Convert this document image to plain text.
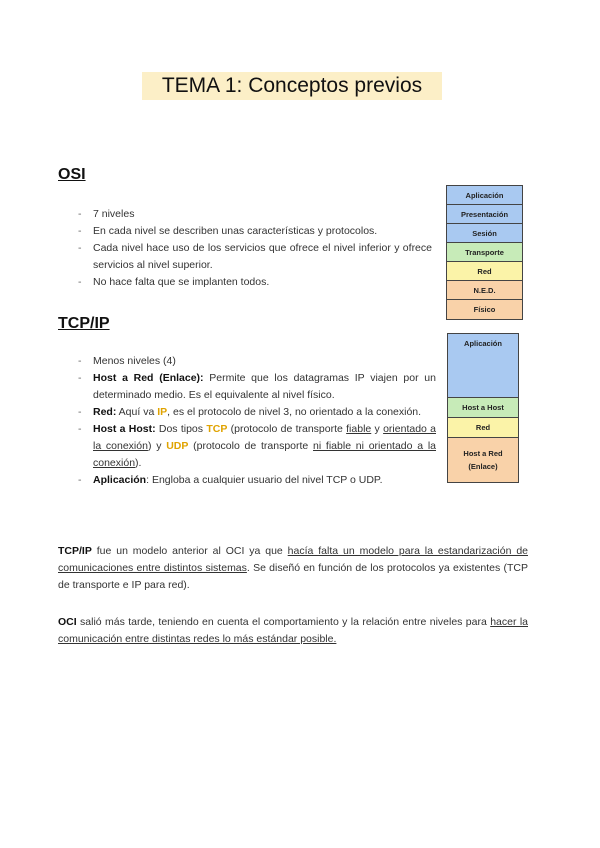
TEMA 1: Conceptos previos
OSI
- 7 niveles
- En cada nivel se describen unas características y protocolos.
- Cada nivel hace uso de los servicios que ofrece el nivel inferior y ofrece servicios al nivel superior.
- No hace falta que se implanten todos.
Aplicación
Presentación
Sesión
Transporte
Red
N.E.D.
Físico
TCP/IP
- Menos niveles (4)
- Host a Red (Enlace): Permite que los datagramas IP viajen por un determinado medio. Es el equivalente al nivel físico.
- Red: Aquí va IP, es el protocolo de nivel 3, no orientado a la conexión.
- Host a Host: Dos tipos TCP (protocolo de transporte fiable y orientado a la conexión) y UDP (protocolo de transporte ni fiable ni orientado a la conexión).
- Aplicación: Engloba a cualquier usuario del nivel TCP o UDP.
Aplicación
Host a Host
Red
Host a Red
(Enlace)
TCP/IP fue un modelo anterior al OCI ya que hacía falta un modelo para la estandarización de comunicaciones entre distintos sistemas. Se diseñó en función de los protocolos ya existentes (TCP de transporte e IP para red).
OCI salió más tarde, teniendo en cuenta el comportamiento y la relación entre niveles para hacer la comunicación entre distintas redes lo más estándar posible.
